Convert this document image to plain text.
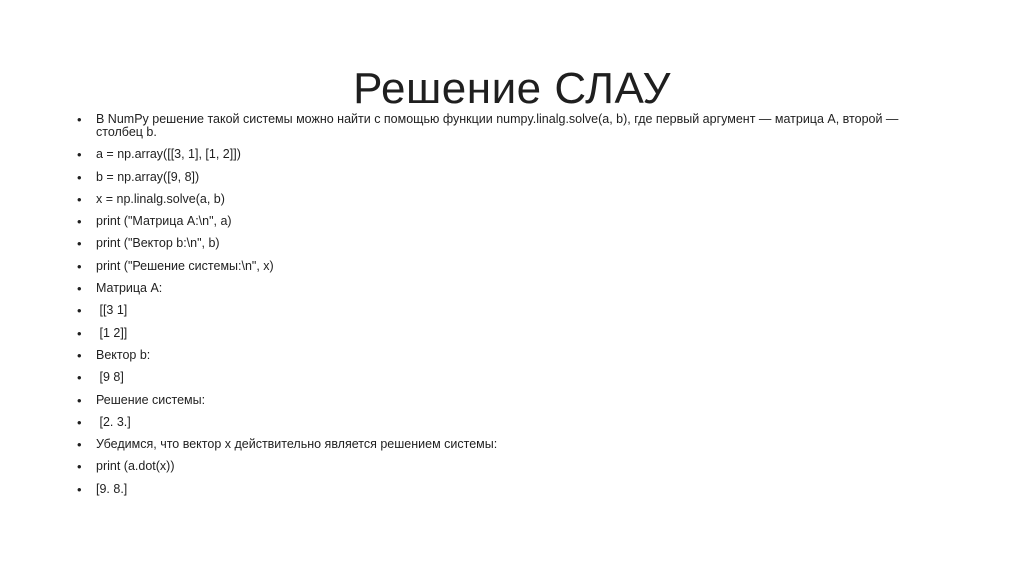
Решение СЛАУ
• В NumPy решение такой системы можно найти с помощью функции numpy.linalg.solve(a, b), где первый аргумент — матрица A, второй — столбец b.
• a = np.array([[3, 1], [1, 2]])
• b = np.array([9, 8])
• x = np.linalg.solve(a, b)
• print ("Матрица A:\n", a)
• print ("Вектор b:\n", b)
• print ("Решение системы:\n", x)
• Матрица A:
•  [[3 1]
•  [1 2]]
• Вектор b:
•  [9 8]
• Решение системы:
•  [2. 3.]
• Убедимся, что вектор x действительно является решением системы:
• print (a.dot(x))
• [9. 8.]
